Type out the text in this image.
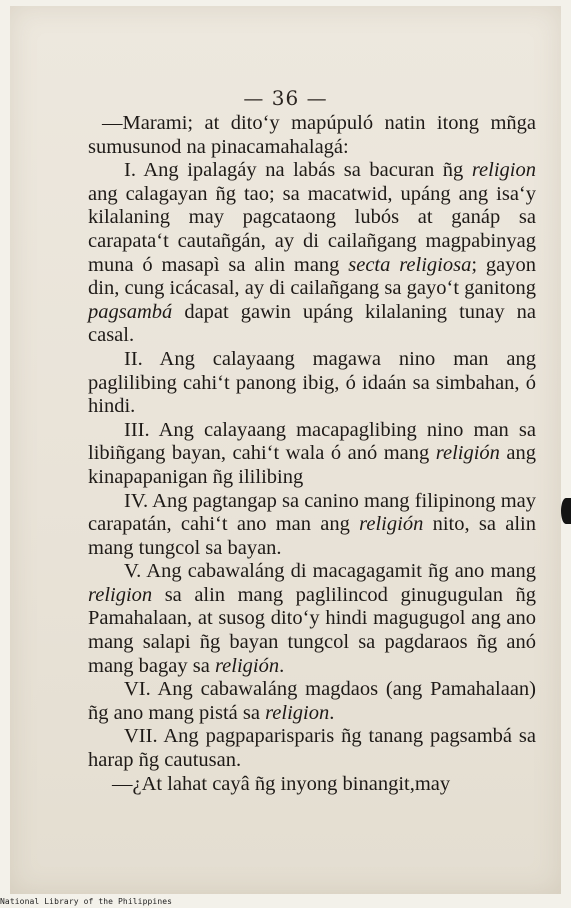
— 36 —

—Marami; at dito‘y mapúpuló natin itong mñga sumusunod na pinacamahalagá:

I. Ang ipalagáy na labás sa bacuran ñg religion ang calagayan ñg tao; sa macatwid, upáng ang isa‘y kilalaning may pagcataong lubós at ganáp sa carapata‘t cautañgán, ay di cailañgang magpabinyag muna ó masapì sa alin mang secta religiosa; gayon din, cung icácasal, ay di cailañgang sa gayo‘t ganitong pagsambá dapat gawin upáng kilalaning tunay na casal.

II. Ang calayaang magawa nino man ang paglilibing cahi‘t panong ibig, ó idaán sa simbahan, ó hindi.

III. Ang calayaang macapaglibing nino man sa libiñgang bayan, cahi‘t wala ó anó mang religión ang kinapapanigan ñg ililibing

IV. Ang pagtangap sa canino mang filipinong may carapatán, cahi‘t ano man ang religión nito, sa alin mang tungcol sa bayan.

V. Ang cabawaláng di macagagamit ñg ano mang religion sa alin mang paglilincod ginugugulan ñg Pamahalaan, at susog dito‘y hindi magugugol ang ano mang salapi ñg bayan tungcol sa pagdaraos ñg anó mang bagay sa religión.

VI. Ang cabawaláng magdaos (ang Pamahalaan) ñg ano mang pistá sa religion.

VII. Ang pagpaparisparis ñg tanang pagsambá sa harap ñg cautusan.

—¿At lahat cayâ ñg inyong binangit,may

National Library of the Philippines
